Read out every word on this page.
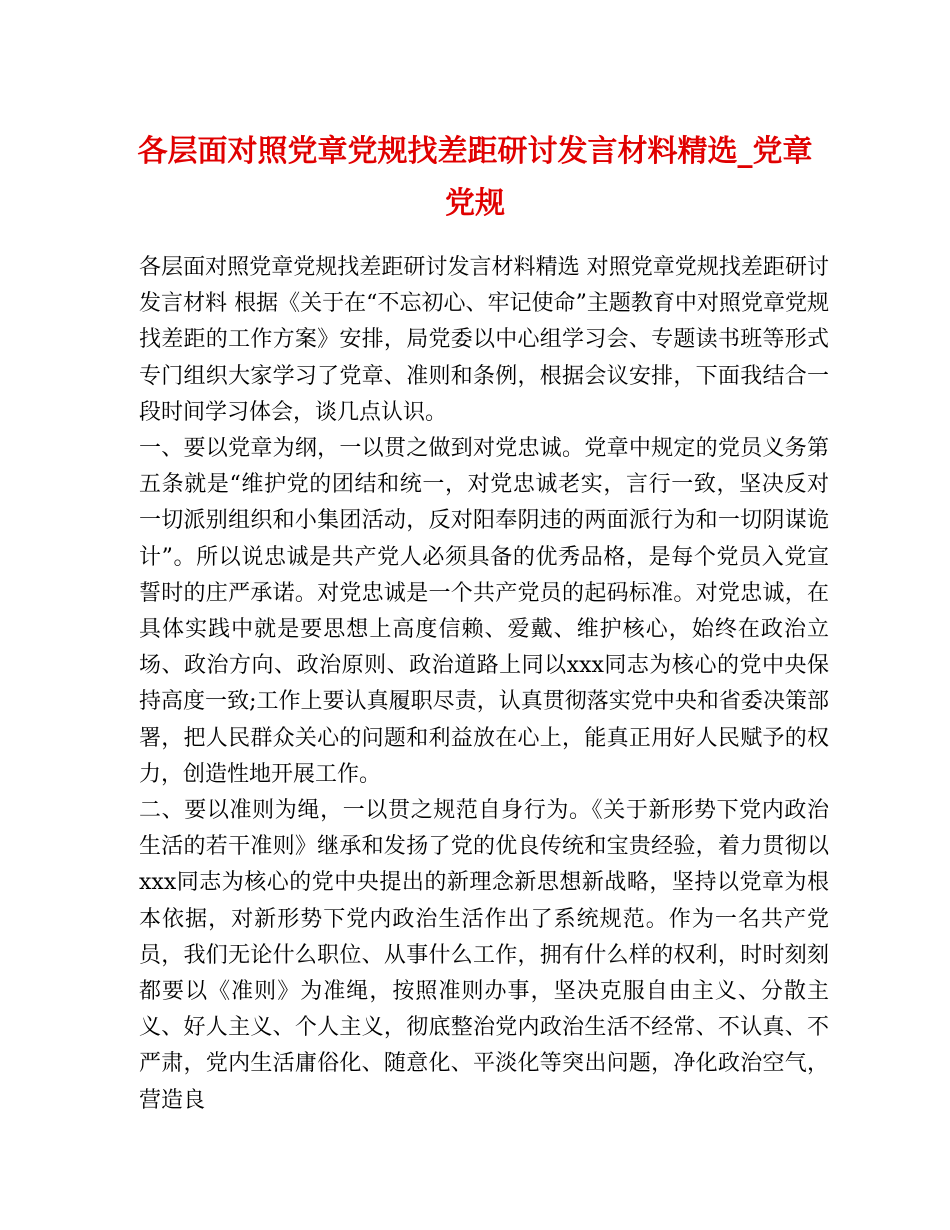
各层面对照党章党规找差距研讨发言材料精选_党章党规

各层面对照党章党规找差距研讨发言材料精选 对照党章党规找差距研讨发言材料 根据《关于在“不忘初心、牢记使命”主题教育中对照党章党规找差距的工作方案》安排，局党委以中心组学习会、专题读书班等形式专门组织大家学习了党章、准则和条例，根据会议安排，下面我结合一段时间学习体会，谈几点认识。

一、要以党章为纲，一以贯之做到对党忠诚。党章中规定的党员义务第五条就是“维护党的团结和统一，对党忠诚老实，言行一致，坚决反对一切派别组织和小集团活动，反对阳奉阴违的两面派行为和一切阴谋诡计”。所以说忠诚是共产党人必须具备的优秀品格，是每个党员入党宣誓时的庄严承诺。对党忠诚是一个共产党员的起码标准。对党忠诚，在具体实践中就是要思想上高度信赖、爱戴、维护核心，始终在政治立场、政治方向、政治原则、政治道路上同以xxx同志为核心的党中央保持高度一致;工作上要认真履职尽责，认真贯彻落实党中央和省委决策部署，把人民群众关心的问题和利益放在心上，能真正用好人民赋予的权力，创造性地开展工作。

二、要以准则为绳，一以贯之规范自身行为。《关于新形势下党内政治生活的若干准则》继承和发扬了党的优良传统和宝贵经验，着力贯彻以xxx同志为核心的党中央提出的新理念新思想新战略，坚持以党章为根本依据，对新形势下党内政治生活作出了系统规范。作为一名共产党员，我们无论什么职位、从事什么工作，拥有什么样的权利，时时刻刻都要以《准则》为准绳，按照准则办事，坚决克服自由主义、分散主义、好人主义、个人主义，彻底整治党内政治生活不经常、不认真、不严肃，党内生活庸俗化、随意化、平淡化等突出问题，净化政治空气，营造良
